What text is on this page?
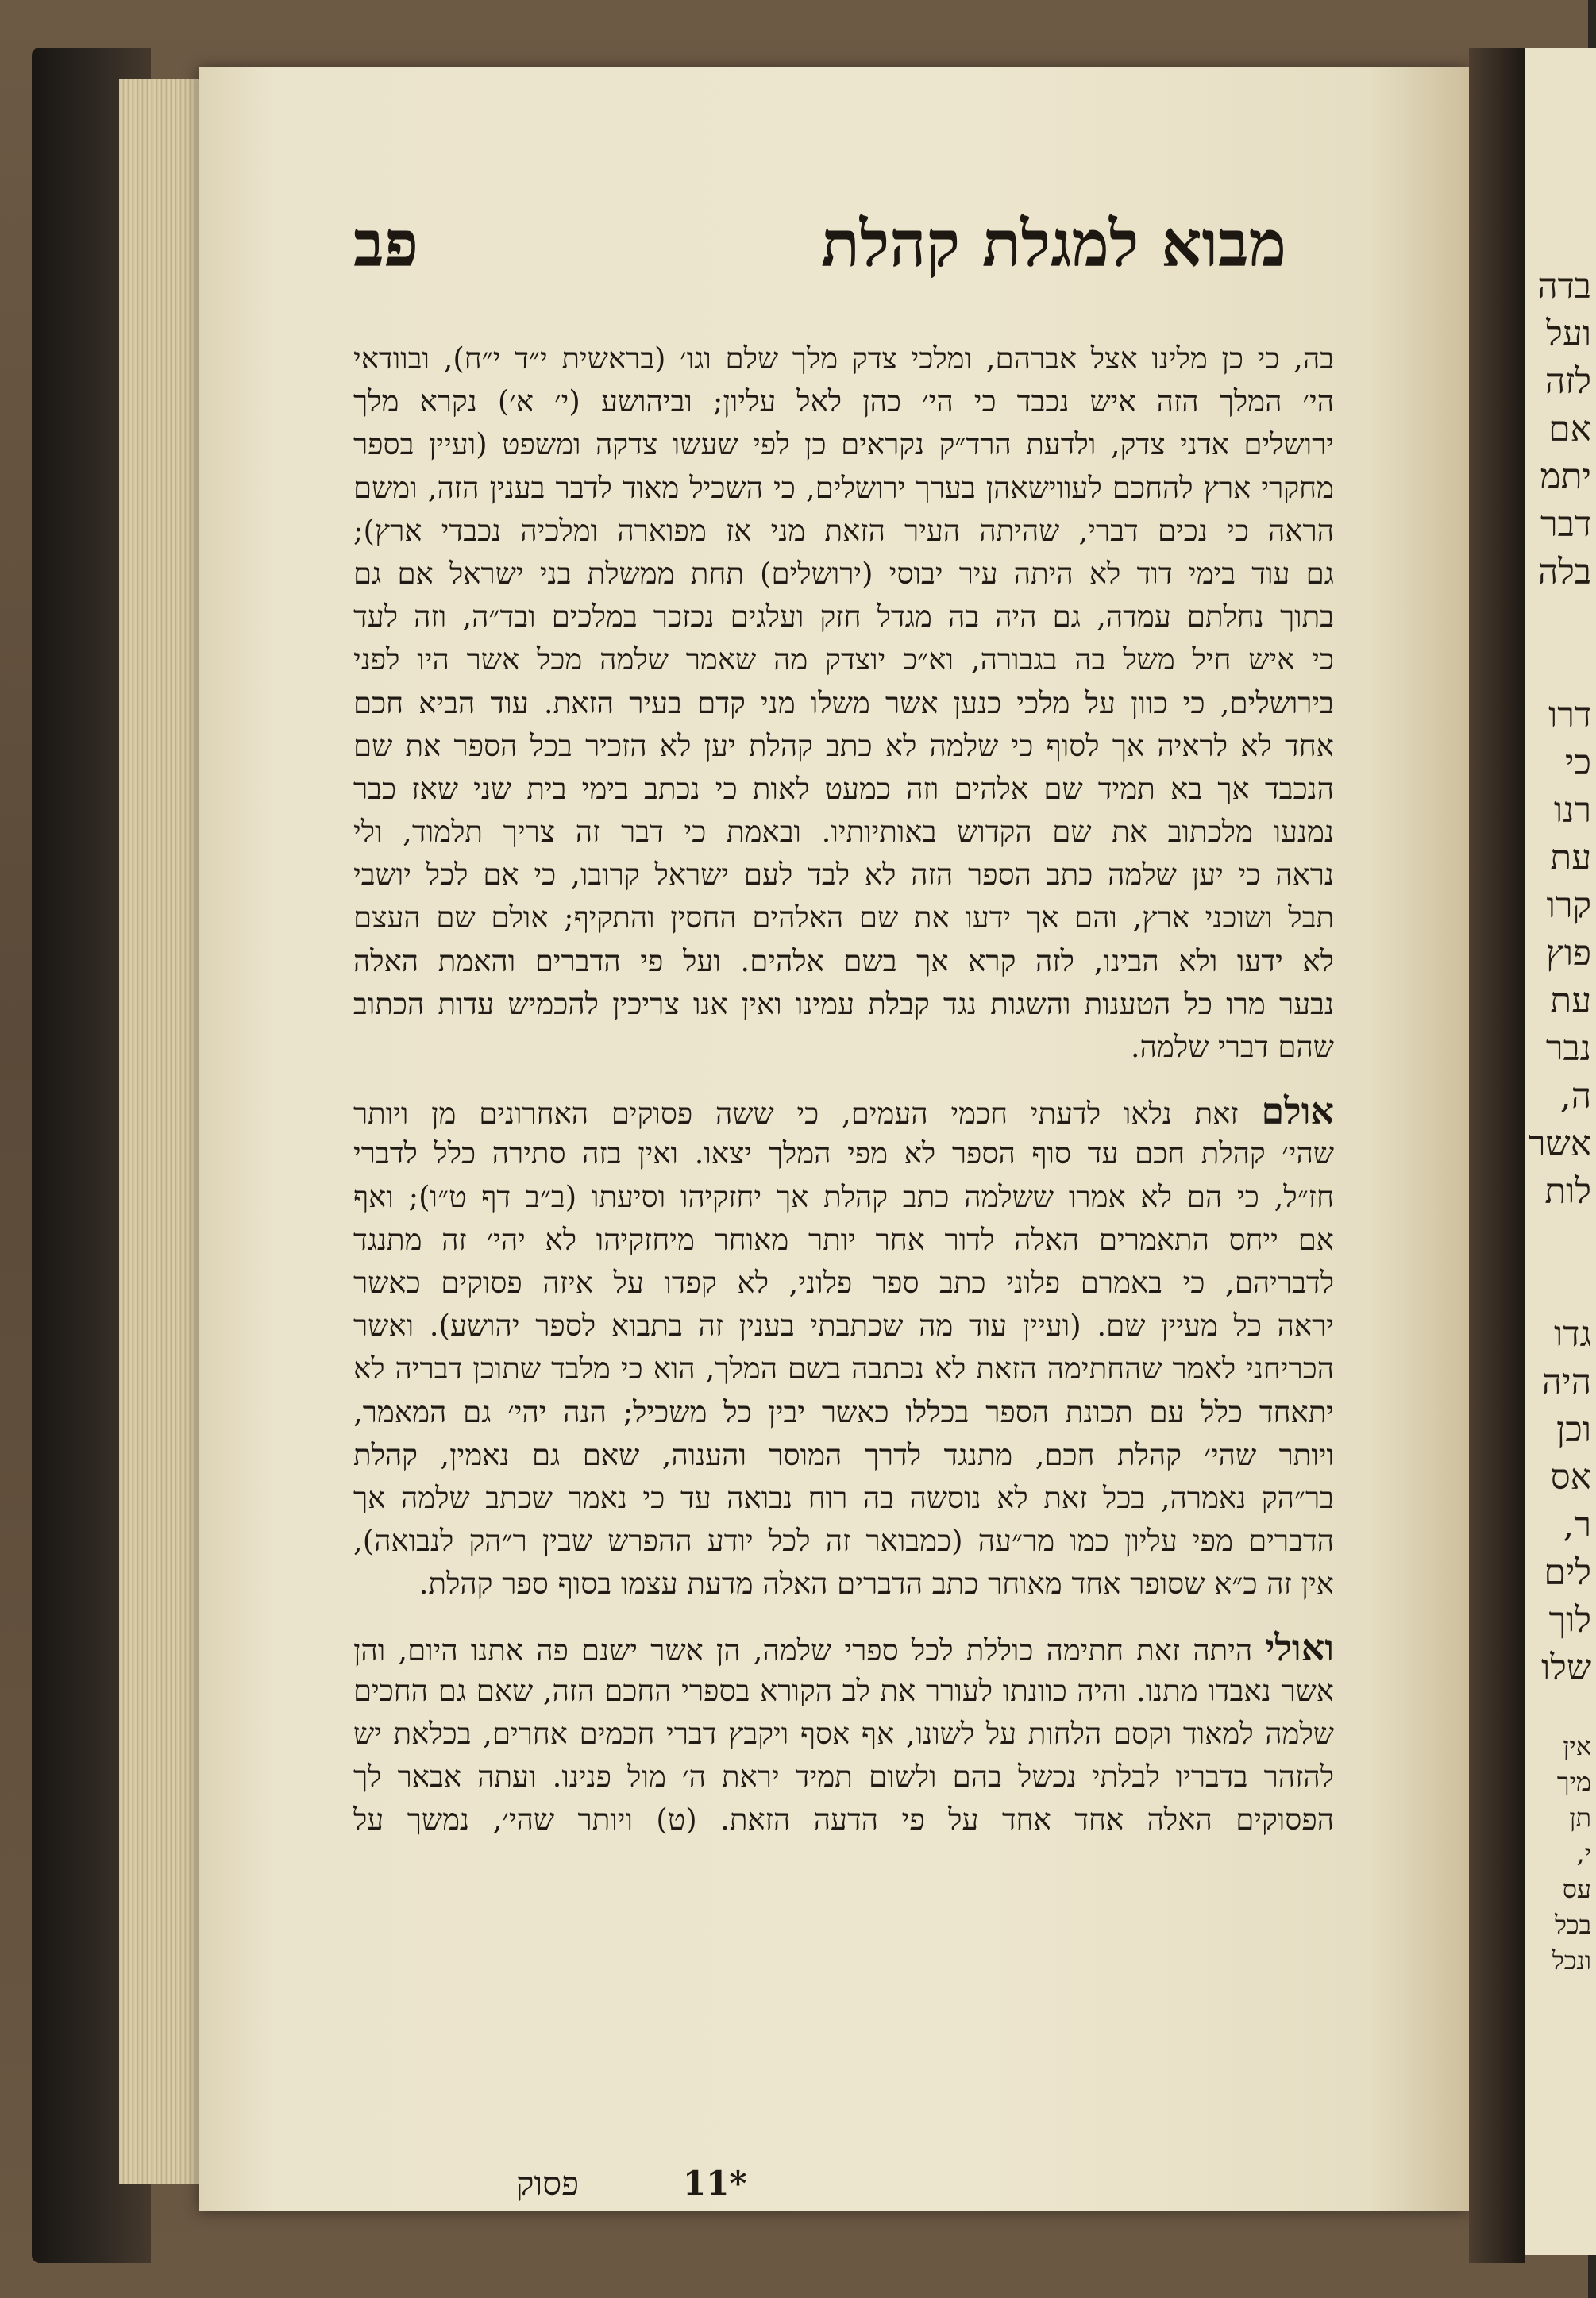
פב	מבוא למגלת קהלת
בה, כי כן מלינו אצל אברהם, ומלכי צדק מלך שלם וגו׳ (בראשית י״ד י״ח), ובוודאי
הי׳ המלך הזה איש נכבד כי הי׳ כהן לאל עליון; וביהושע (י׳ א׳) נקרא מלך
ירושלים אדני צדק, ולדעת הרד״ק נקראים כן לפי שעשו צדקה ומשפט (ועיין בספר
מחקרי ארץ להחכם לעווישאהן בערך ירושלים, כי השכיל מאוד לדבר בענין הזה, ומשם
הראה כי נכים דברי, שהיתה העיר הזאת מני אז מפוארה ומלכיה נכבדי ארץ);
גם עוד בימי דוד לא היתה עיר יבוסי (ירושלים) תחת ממשלת בני ישראל אם גם
בתוך נחלתם עמדה, גם היה בה מגדל חזק ועלגים נכזכר במלכים ובד״ה, וזה לעד
כי איש חיל משל בה בגבורה, וא״כ יוצדק מה שאמר שלמה מכל אשר היו לפני
בירושלים, כי כוון על מלכי כנען אשר משלו מני קדם בעיר הזאת. עוד הביא חכם
אחד לא לראיה אך לסוף כי שלמה לא כתב קהלת יען לא הזכיר בכל הספר את שם
הנכבד אך בא תמיד שם אלהים וזה כמעט לאות כי נכתב בימי בית שני שאז כבר
נמנעו מלכתוב את שם הקדוש באותיותיו. ובאמת כי דבר זה צריך תלמוד, ולי
נראה כי יען שלמה כתב הספר הזה לא לבד לעם ישראל קרובו, כי אם לכל יושבי
תבל ושוכני ארץ, והם אך ידעו את שם האלהים החסין והתקיף; אולם שם העצם
לא ידעו ולא הבינו, לזה קרא אך בשם אלהים. ועל פי הדברים והאמת האלה
נבער מרו כל הטענות והשגות נגד קבלת עמינו ואין אנו צריכין להכמיש עדות הכתוב
שהם דברי שלמה.
אולם זאת נלאו לדעתי חכמי העמים, כי ששה פסוקים האחרונים מן ויותר
שהי׳ קהלת חכם עד סוף הספר לא מפי המלך יצאו. ואין בזה סתירה כלל לדברי
חז״ל, כי הם לא אמרו ששלמה כתב קהלת אך יחזקיהו וסיעתו (ב״ב דף ט״ו); ואף
אם ייחס התאמרים האלה לדור אחר יותר מאוחר מיחזקיהו לא יהי׳ זה מתנגד
לדבריהם, כי באמרם פלוני כתב ספר פלוני, לא קפדו על איזה פסוקים כאשר
יראה כל מעיין שם. (ועיין עוד מה שכתבתי בענין זה בתבוא לספר יהושע). ואשר
הכריחני לאמר שהחתימה הזאת לא נכתבה בשם המלך, הוא כי מלבד שתוכן דבריה לא
יתאחד כלל עם תכונת הספר בכללו כאשר יבין כל משכיל; הנה יהי׳ גם המאמר,
ויותר שהי׳ קהלת חכם, מתנגד לדרך המוסר והענוה, שאם גם נאמין, קהלת
בר״הק נאמרה, בכל זאת לא נוסשה בה רוח נבואה עד כי נאמר שכתב שלמה אך
הדברים מפי עליון כמו מר״עה (כמבואר זה לכל יודע ההפרש שבין ר״הק לנבואה),
אין זה כ״א שסופר אחד מאוחר כתב הדברים האלה מדעת עצמו בסוף ספר קהלת.
ואולי היתה זאת חתימה כוללת לכל ספרי שלמה, הן אשר ישנם פה אתנו היום, והן
אשר נאבדו מתנו. והיה כוונתו לעורר את לב הקורא בספרי החכם הזה, שאם גם החכים
שלמה למאוד וקסם הלחות על לשונו, אף אסף ויקבץ דברי חכמים אחרים, בכלאת יש
להזהר בדבריו לבלתי נכשל בהם ולשום תמיד יראת ה׳ מול פנינו. ועתה אבאר לך
הפסוקים האלה אחד אחד על פי הדעה הזאת. (ט) ויותר שהי׳, נמשך על
11*
פסוק
בדה
ועל
לזה
אם
יתמ
דבר
בלה
דרו
כי
רנו
עת
קרו
פוץ
עת
נבר
ה,
אשר
לות
גדו
היה
וכן
אס
ר,
לים
לוך
שלו
אין
מיך
תן
י,
עס
בכל
ונכל
